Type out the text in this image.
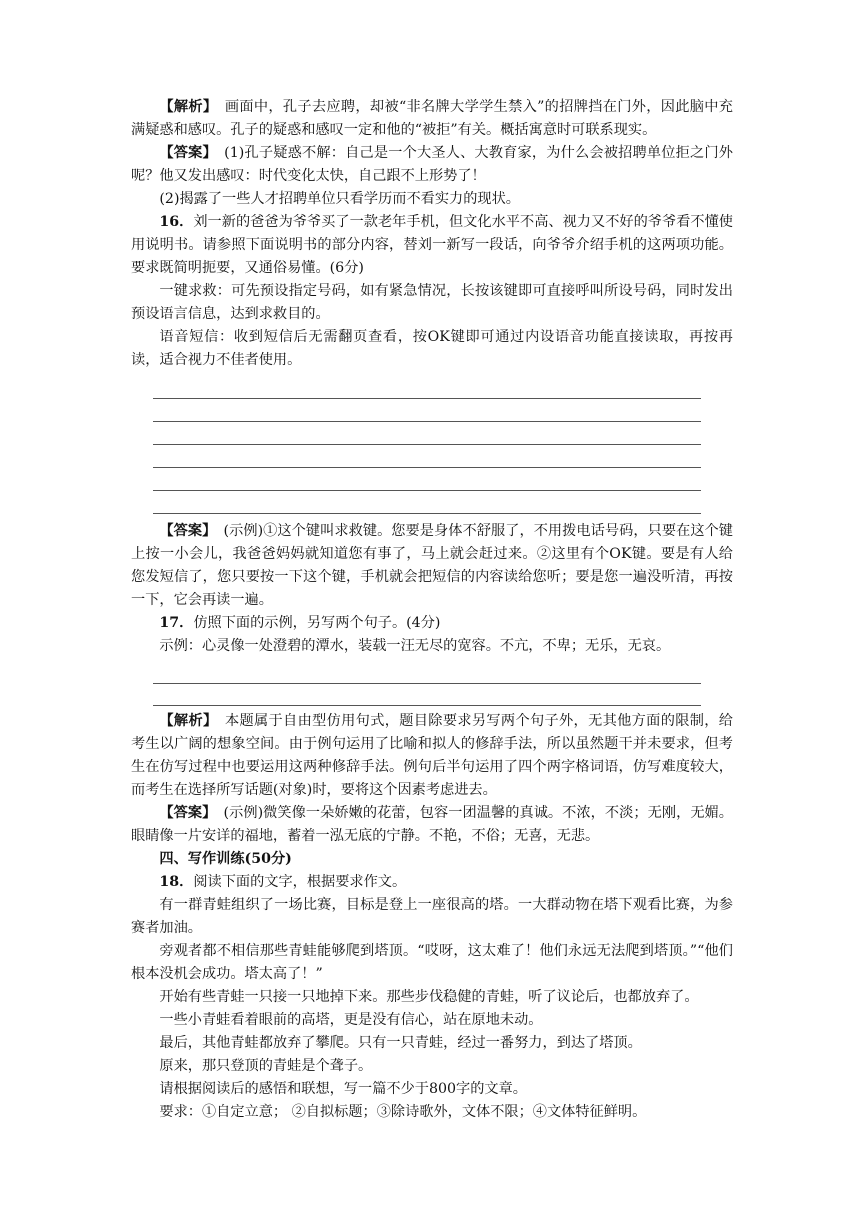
【解析】　 画面中，孔子去应聘，却被“非名牌大学学生禁入”的招牌挡在门外，因此脑中充满疑惑和感叹。孔子的疑惑和感叹一定和他的“被拒”有关。概括寓意时可联系现实。

【答案】　 (1)孔子疑惑不解：自己是一个大圣人、大教育家，为什么会被招聘单位拒之门外呢？他又发出感叹：时代变化太快，自己跟不上形势了！

(2)揭露了一些人才招聘单位只看学历而不看实力的现状。

16．刘一新的爸爸为爷爷买了一款老年手机，但文化水平不高、视力又不好的爷爷看不懂使用说明书。请参照下面说明书的部分内容，替刘一新写一段话，向爷爷介绍手机的这两项功能。要求既简明扼要，又通俗易懂。(6分)

一键求救：可先预设指定号码，如有紧急情况，长按该键即可直接呼叫所设号码，同时发出预设语言信息，达到求救目的。

语音短信：收到短信后无需翻页查看，按OK键即可通过内设语音功能直接读取，再按再读，适合视力不佳者使用。

【答案】　 (示例)①这个键叫求救键。您要是身体不舒服了，不用拨电话号码，只要在这个键上按一小会儿，我爸爸妈妈就知道您有事了，马上就会赶过来。②这里有个OK键。要是有人给您发短信了，您只要按一下这个键，手机就会把短信的内容读给您听；要是您一遍没听清，再按一下，它会再读一遍。

17．仿照下面的示例，另写两个句子。(4分)

示例：心灵像一处澄碧的潭水，装载一汪无尽的宽容。不亢，不卑；无乐，无哀。

【解析】　 本题属于自由型仿用句式，题目除要求另写两个句子外，无其他方面的限制，给考生以广阔的想象空间。由于例句运用了比喻和拟人的修辞手法，所以虽然题干并未要求，但考生在仿写过程中也要运用这两种修辞手法。例句后半句运用了四个两字格词语，仿写难度较大，而考生在选择所写话题(对象)时，要将这个因素考虑进去。

【答案】　 (示例)微笑像一朵娇嫩的花蕾，包容一团温馨的真诚。不浓，不淡；无刚，无媚。眼睛像一片安详的福地，蓄着一泓无底的宁静。不艳，不俗；无喜，无悲。

四、写作训练(50分)

18．阅读下面的文字，根据要求作文。

有一群青蛙组织了一场比赛，目标是登上一座很高的塔。一大群动物在塔下观看比赛，为参赛者加油。

旁观者都不相信那些青蛙能够爬到塔顶。“哎呀，这太难了！他们永远无法爬到塔顶。”“他们根本没机会成功。塔太高了！”

开始有些青蛙一只接一只地掉下来。那些步伐稳健的青蛙，听了议论后，也都放弃了。

一些小青蛙看着眼前的高塔，更是没有信心，站在原地未动。

最后，其他青蛙都放弃了攀爬。只有一只青蛙，经过一番努力，到达了塔顶。

原来，那只登顶的青蛙是个聋子。

请根据阅读后的感悟和联想，写一篇不少于800字的文章。

要求：①自定立意； ②自拟标题；③除诗歌外，文体不限；④文体特征鲜明。
